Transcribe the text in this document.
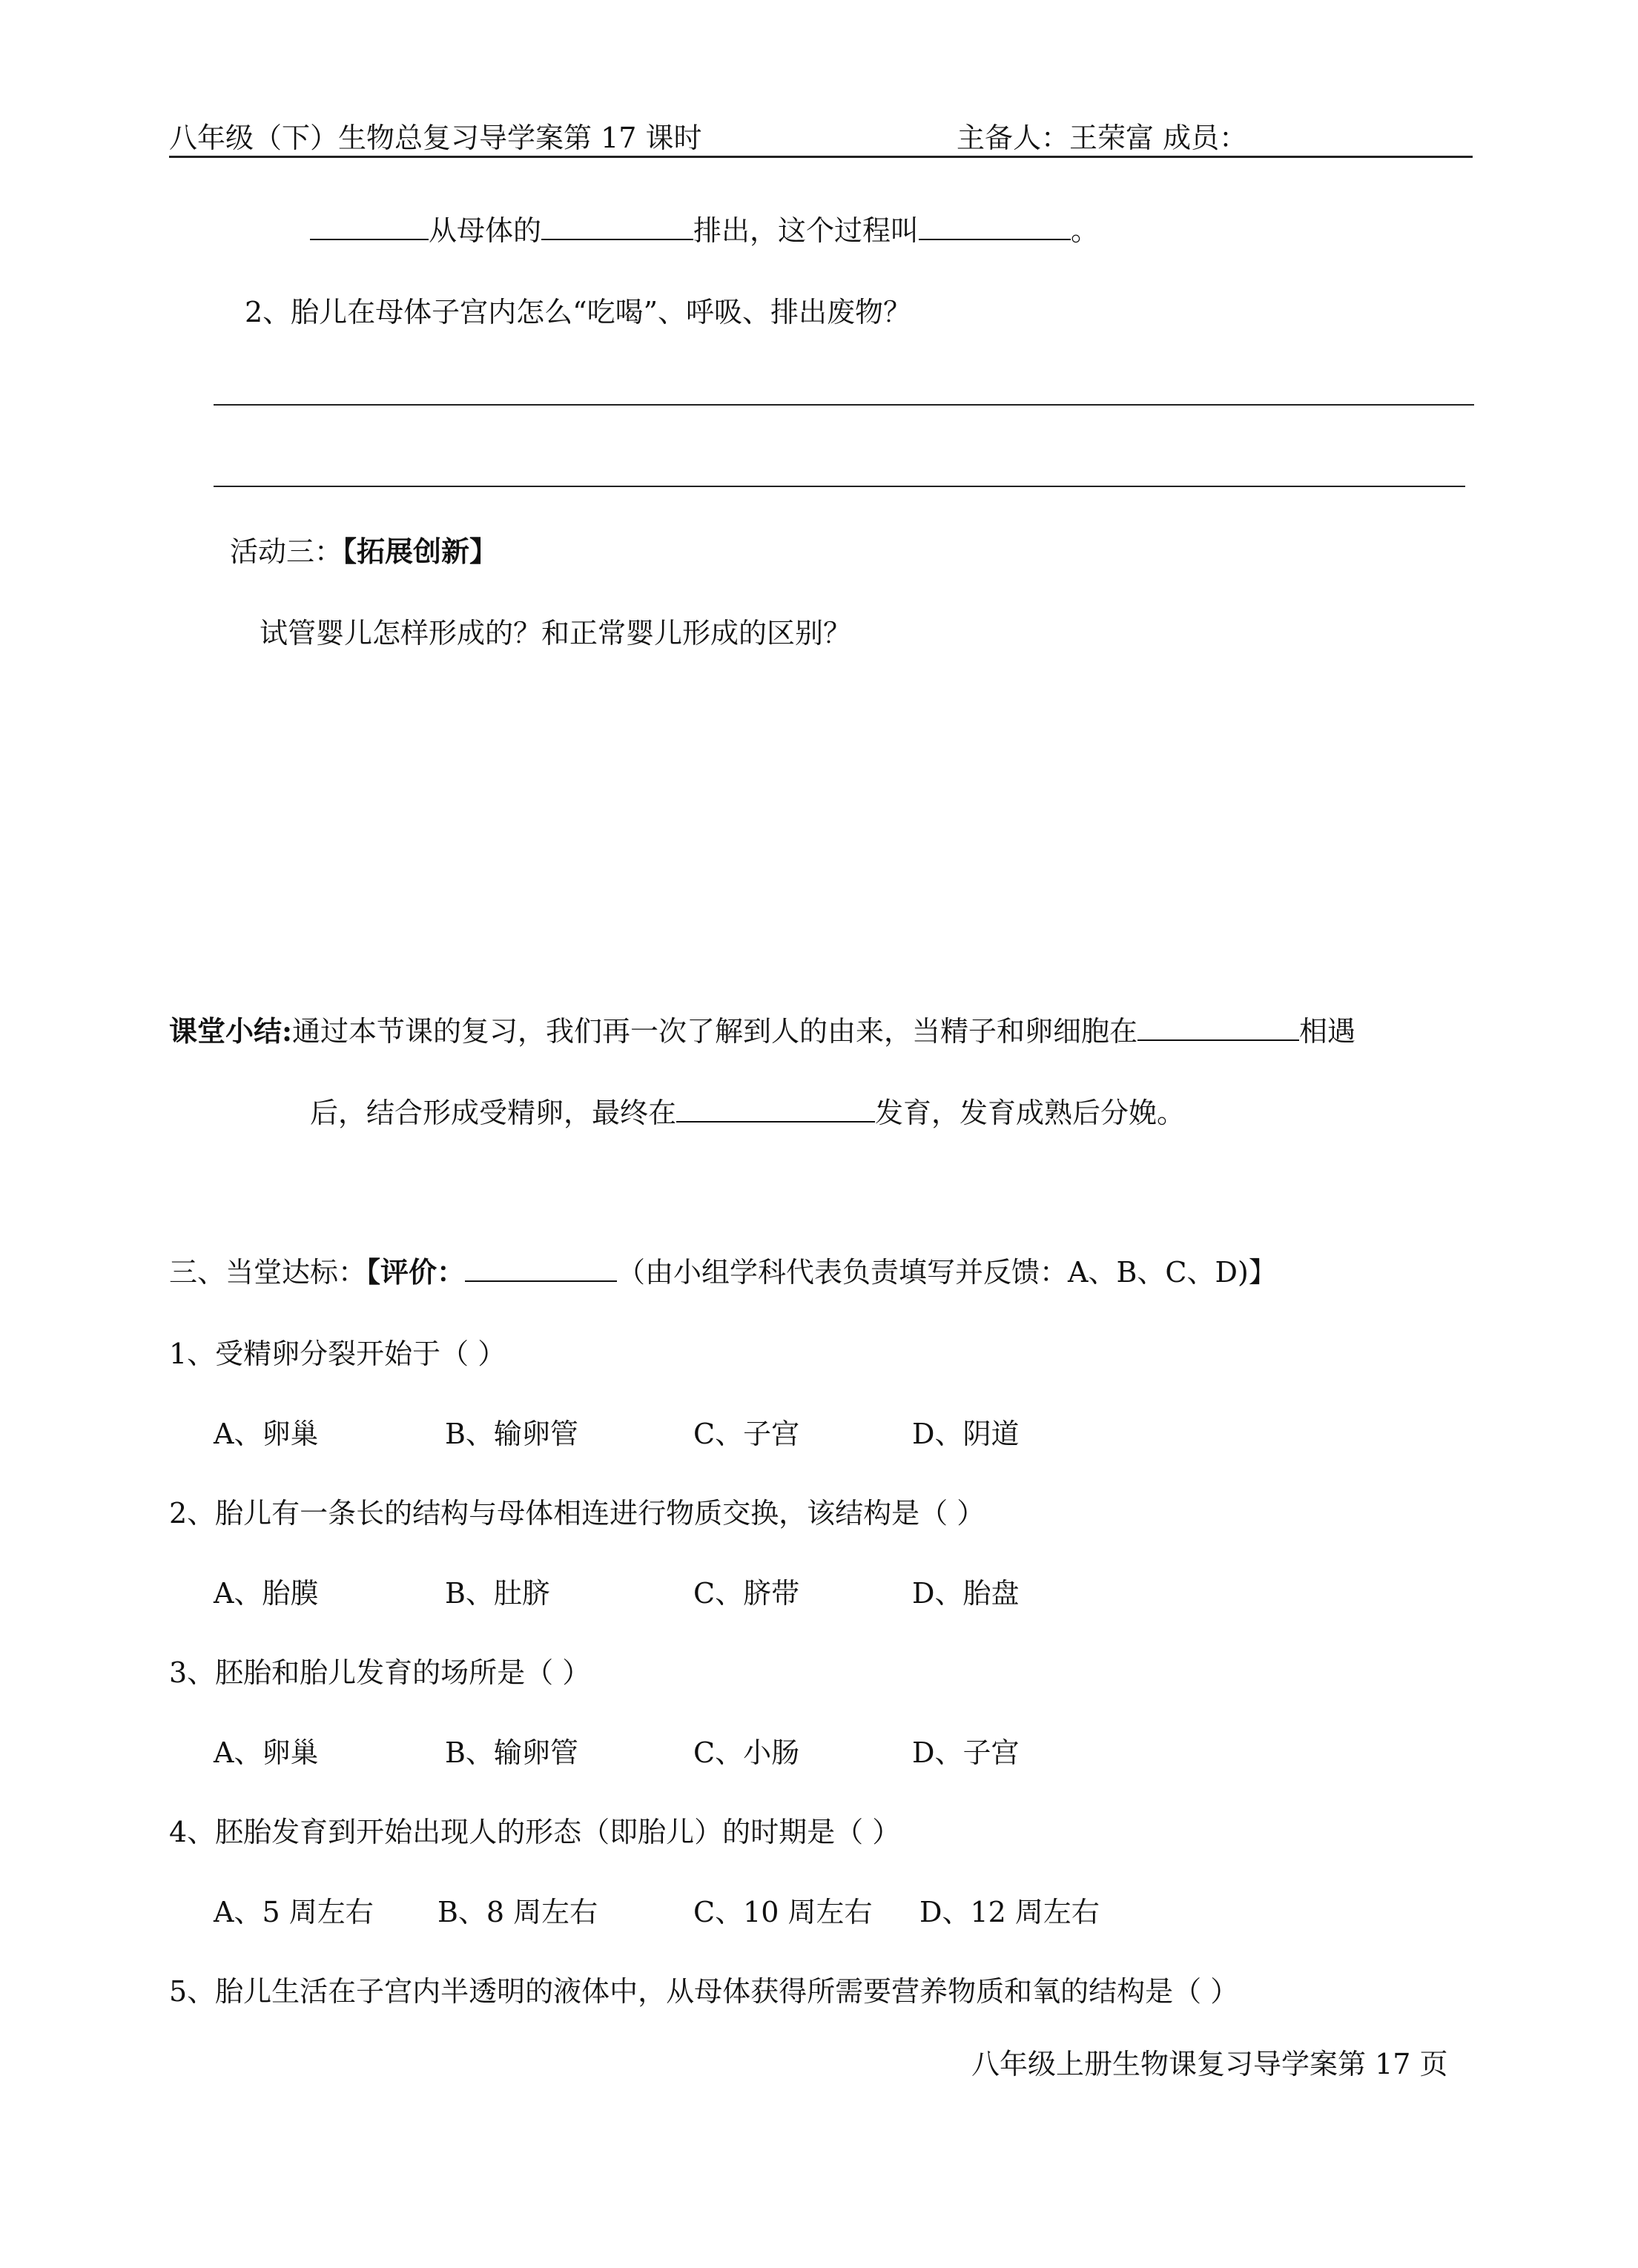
八年级（下）生物总复习导学案第 17 课时	主备人：王荣富 成员：
从母体的	排出，这个过程叫	。
2、胎儿在母体子宫内怎么“吃喝”、呼吸、排出废物？
活动三：【拓展创新】
试管婴儿怎样形成的？和正常婴儿形成的区别？
课堂小结:通过本节课的复习，我们再一次了解到人的由来，当精子和卵细胞在	相遇
后，结合形成受精卵，最终在	发育，发育成熟后分娩。
三、当堂达标：【评价：	（由小组学科代表负责填写并反馈：A、B、C、D)】
1、受精卵分裂开始于（ ）
A、卵巢	B、输卵管	C、子宫	D、阴道
2、胎儿有一条长的结构与母体相连进行物质交换，该结构是（ ）
A、胎膜	B、肚脐	C、脐带	D、胎盘
3、胚胎和胎儿发育的场所是（ ）
A、卵巢	B、输卵管	C、小肠	D、子宫
4、胚胎发育到开始出现人的形态（即胎儿）的时期是（ ）
A、5 周左右 B、8 周左右	C、10 周左右 D、12 周左右
5、胎儿生活在子宫内半透明的液体中，从母体获得所需要营养物质和氧的结构是（ ）
八年级上册生物课复习导学案第 17 页
